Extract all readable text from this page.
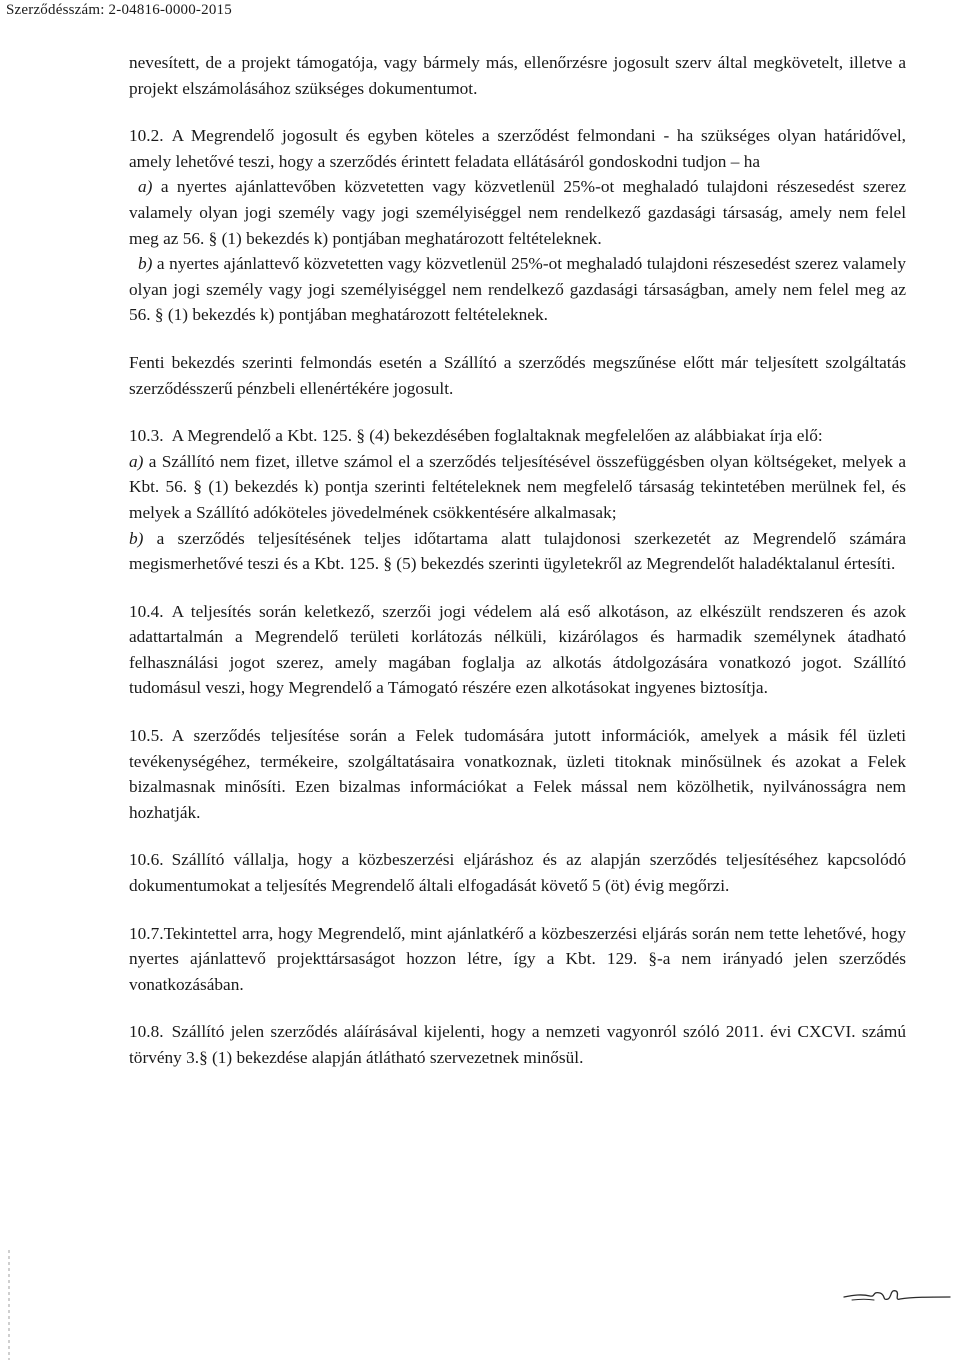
Szerződésszám: 2-04816-0000-2015

nevesített, de a projekt támogatója, vagy bármely más, ellenőrzésre jogosult szerv által megkövetelt, illetve a projekt elszámolásához szükséges dokumentumot.

10.2. A Megrendelő jogosult és egyben köteles a szerződést felmondani - ha szükséges olyan határidővel, amely lehetővé teszi, hogy a szerződés érintett feladata ellátásáról gondoskodni tudjon – ha

a) a nyertes ajánlattevőben közvetetten vagy közvetlenül 25%-ot meghaladó tulajdoni részesedést szerez valamely olyan jogi személy vagy jogi személyiséggel nem rendelkező gazdasági társaság, amely nem felel meg az 56. § (1) bekezdés k) pontjában meghatározott feltételeknek.

b) a nyertes ajánlattevő közvetetten vagy közvetlenül 25%-ot meghaladó tulajdoni részesedést szerez valamely olyan jogi személy vagy jogi személyiséggel nem rendelkező gazdasági társaságban, amely nem felel meg az 56. § (1) bekezdés k) pontjában meghatározott feltételeknek.

Fenti bekezdés szerinti felmondás esetén a Szállító a szerződés megszűnése előtt már teljesített szolgáltatás szerződésszerű pénzbeli ellenértékére jogosult.

10.3. A Megrendelő a Kbt. 125. § (4) bekezdésében foglaltaknak megfelelően az alábbiakat írja elő:

a) a Szállító nem fizet, illetve számol el a szerződés teljesítésével összefüggésben olyan költségeket, melyek a Kbt. 56. § (1) bekezdés k) pontja szerinti feltételeknek nem megfelelő társaság tekintetében merülnek fel, és melyek a Szállító adóköteles jövedelmének csökkentésére alkalmasak;

b) a szerződés teljesítésének teljes időtartama alatt tulajdonosi szerkezetét az Megrendelő számára megismerhetővé teszi és a Kbt. 125. § (5) bekezdés szerinti ügyletekről az Megrendelőt haladéktalanul értesíti.

10.4. A teljesítés során keletkező, szerzői jogi védelem alá eső alkotáson, az elkészült rendszeren és azok adattartalmán a Megrendelő területi korlátozás nélküli, kizárólagos és harmadik személynek átadható felhasználási jogot szerez, amely magában foglalja az alkotás átdolgozására vonatkozó jogot. Szállító tudomásul veszi, hogy Megrendelő a Támogató részére ezen alkotásokat ingyenes biztosítja.

10.5. A szerződés teljesítése során a Felek tudomására jutott információk, amelyek a másik fél üzleti tevékenységéhez, termékeire, szolgáltatásaira vonatkoznak, üzleti titoknak minősülnek és azokat a Felek bizalmasnak minősíti. Ezen bizalmas információkat a Felek mással nem közölhetik, nyilvánosságra nem hozhatják.

10.6. Szállító vállalja, hogy a közbeszerzési eljáráshoz és az alapján szerződés teljesítéséhez kapcsolódó dokumentumokat a teljesítés Megrendelő általi elfogadását követő 5 (öt) évig megőrzi.

10.7.Tekintettel arra, hogy Megrendelő, mint ajánlatkérő a közbeszerzési eljárás során nem tette lehetővé, hogy nyertes ajánlattevő projekttársaságot hozzon létre, így a Kbt. 129. §-a nem irányadó jelen szerződés vonatkozásában.

10.8. Szállító jelen szerződés aláírásával kijelenti, hogy a nemzeti vagyonról szóló 2011. évi CXCVI. számú törvény 3.§ (1) bekezdése alapján átlátható szervezetnek minősül.
